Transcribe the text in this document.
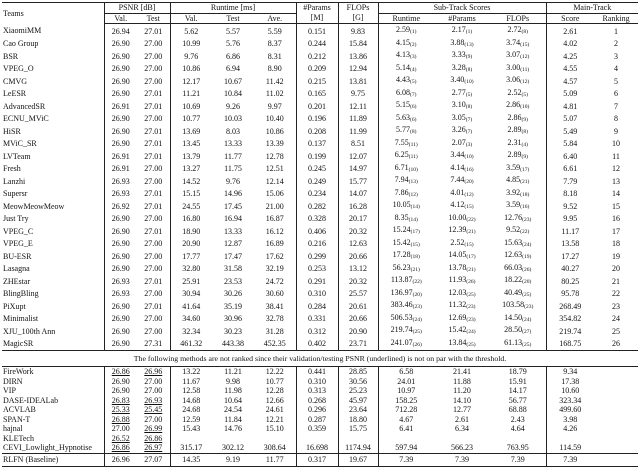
Teams	PSNR [dB]		Runtime [ms]			#Params	FLOPs	Sub-Track Scores			Main-Track	
	Val.	Test	Val.	Test	Ave.	[M]	[G]	Runtime	#Params	FLOPs	Score	Ranking
XiaomiMM	26.94	27.01	5.62	5.57	5.59	0.151	9.83	$2.59_{(1)}$	$2.17_{(1)}$	$2.72_{(8)}$	2.61	1
Cao Group	26.90	27.00	10.99	5.76	8.37	0.244	15.84	$4.15_{(2)}$	$3.88_{(13)}$	$3.74_{(15)}$	4.02	2
BSR	26.90	27.00	9.76	6.86	8.31	0.212	13.86	$4.13_{(3)}$	$3.33_{(9)}$	$3.07_{(12)}$	4.25	3
VPEG_O	26.90	27.00	10.86	6.94	8.90	0.209	12.94	$5.14_{(4)}$	$3.28_{(8)}$	$3.00_{(11)}$	4.55	4
CMVG	26.90	27.00	12.17	10.67	11.42	0.215	13.81	$4.43_{(5)}$	$3.40_{(10)}$	$3.06_{(12)}$	4.57	5
LeESR	26.90	27.01	11.21	10.84	11.02	0.165	9.75	$6.08_{(7)}$	$2.77_{(5)}$	$2.52_{(5)}$	5.09	6
AdvancedSR	26.91	27.01	10.69	9.26	9.97	0.201	12.11	$5.15_{(6)}$	$3.10_{(8)}$	$2.86_{(10)}$	4.81	7
ECNU_MViC	26.90	27.00	10.77	10.03	10.40	0.196	11.89	$5.63_{(6)}$	$3.05_{(7)}$	$2.86_{(9)}$	5.07	8
HiSR	26.90	27.01	13.69	8.03	10.86	0.208	11.99	$5.77_{(8)}$	$3.26_{(7)}$	$2.89_{(8)}$	5.49	9
MViC_SR	26.90	27.01	13.45	13.33	13.39	0.137	8.51	$7.55_{(11)}$	$2.07_{(3)}$	$2.31_{(4)}$	5.84	10
LVTeam	26.91	27.01	13.79	11.77	12.78	0.199	12.07	$6.25_{(11)}$	$3.44_{(10)}$	$2.89_{(9)}$	6.40	11
Fresh	26.91	27.00	13.27	11.75	12.51	0.245	14.97	$6.71_{(10)}$	$4.14_{(16)}$	$3.59_{(17)}$	6.61	12
Lanzhi	26.93	27.00	14.52	9.76	12.14	0.249	15.77	$7.94_{(13)}$	$7.44_{(20)}$	$4.85_{(21)}$	7.79	13
Supersr	26.93	27.01	15.15	14.96	15.06	0.234	14.07	$7.86_{(12)}$	$4.01_{(12)}$	$3.92_{(18)}$	8.18	14
MeowMeowMeow	26.92	27.01	24.55	17.45	21.00	0.282	16.28	$10.05_{(14)}$	$4.12_{(15)}$	$3.59_{(16)}$	9.52	15
Just Try	26.90	27.00	16.80	16.94	16.87	0.328	20.17	$8.35_{(14)}$	$10.00_{(22)}$	$12.76_{(23)}$	9.95	16
VPEG_C	26.90	27.01	18.90	13.33	16.12	0.406	20.32	$15.24_{(17)}$	$12.39_{(21)}$	$9.52_{(22)}$	11.17	17
VPEG_E	26.90	27.00	20.90	12.87	16.89	0.216	12.63	$15.42_{(15)}$	$2.52_{(15)}$	$15.63_{(24)}$	13.58	18
BU-ESR	26.90	27.00	17.77	17.47	17.62	0.299	20.66	$17.28_{(18)}$	$14.05_{(17)}$	$12.63_{(19)}$	17.27	19
Lasagna	26.90	27.00	32.80	31.58	32.19	0.253	13.12	$56.23_{(21)}$	$13.78_{(21)}$	$66.03_{(26)}$	40.27	20
ZHEstar	26.93	27.01	25.91	23.53	24.72	0.291	20.32	$113.87_{(22)}$	$11.93_{(26)}$	$18.22_{(20)}$	80.25	21
BlingBling	26.93	27.00	30.94	30.26	30.60	0.310	25.57	$136.97_{(20)}$	$12.03_{(25)}$	$40.49_{(25)}$	95.78	22
PiXupt	26.90	27.01	41.64	35.19	38.41	0.284	20.61	$383.46_{(23)}$	$11.32_{(23)}$	$103.58_{(23)}$	268.49	23
Minimalist	26.90	27.00	34.60	30.96	32.78	0.331	20.66	$506.53_{(24)}$	$12.69_{(23)}$	$14.50_{(24)}$	354.82	24
XJU_100th Ann	26.90	27.00	32.34	30.23	31.28	0.312	20.90	$219.74_{(25)}$	$15.42_{(24)}$	$28.50_{(27)}$	219.74	25
MagicSR	26.90	27.31	461.32	443.38	452.35	0.402	23.71	$241.07_{(26)}$	$13.84_{(25)}$	$61.13_{(25)}$	168.75	26
The following methods are not ranked since their validation/testing PSNR (underlined) is not on par with the threshold.												
FireWork	26.86	26.96	13.22	11.21	12.22	0.441	28.85	6.58	21.41	18.79	9.34	
DIRN	26.90	27.00	11.67	9.98	10.77	0.310	30.56	24.01	11.88	15.91	17.38	
VIP	26.90	27.00	12.58	11.98	12.28	0.313	25.23	10.97	11.20	14.17	10.60	
DASE-IDEALab	26.83	26.93	14.68	10.64	12.66	0.268	45.97	158.25	14.10	56.77	323.34	
ACVLAB	25.33	25.45	24.68	24.54	24.61	0.296	23.64	712.28	12.77	68.88	499.60	
SPAN-T	26.88	27.00	12.59	11.84	12.21	0.287	18.80	4.67	2.61	2.43	3.98	
hajnal	27.00	26.99	15.43	14.76	15.10	0.359	15.75	6.41	6.34	4.64	4.26	
KLETech	26.52	26.86										
CEVI_Lowlight_Hypnotise	26.86	26.97	315.17	302.12	308.64	16.698	1174.94	597.94	566.23	763.95	114.59	
RLFN (Baseline)	26.96	27.07	14.35	9.19	11.77	0.317	19.67	7.39	7.39	7.39	7.39	
